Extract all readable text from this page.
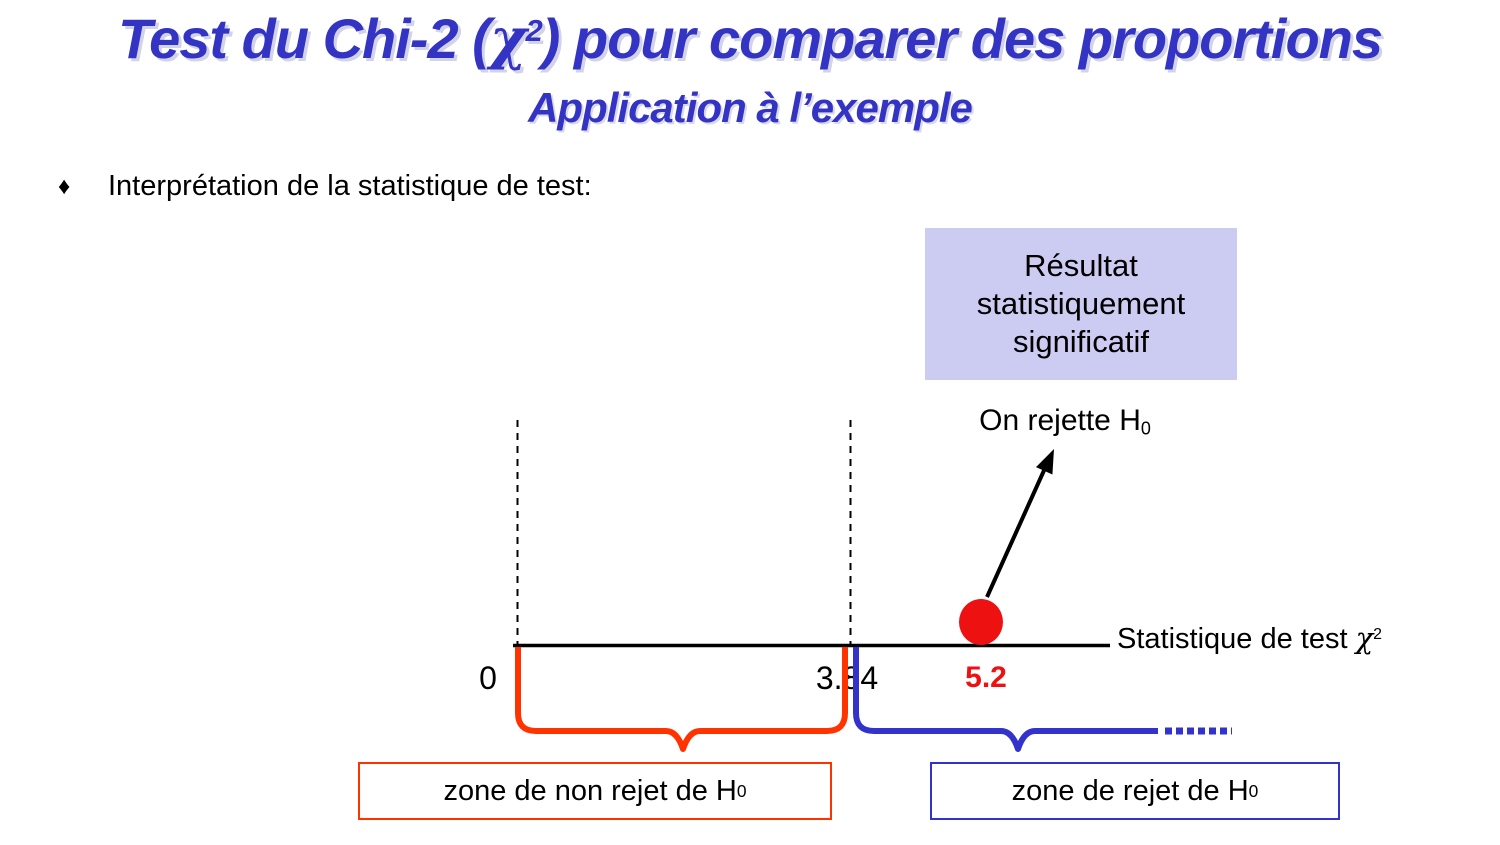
Test du Chi-2 $(\chi^2)$ pour comparer des proportions
Application à l’exemple
♦ Interprétation de la statistique de test:
Résultat
statistiquement
significatif
On rejette $H_0$
Statistique de test $\chi^2$
0	3.84	5.2
zone de non rejet de H 0	zone de rejet de H 0
